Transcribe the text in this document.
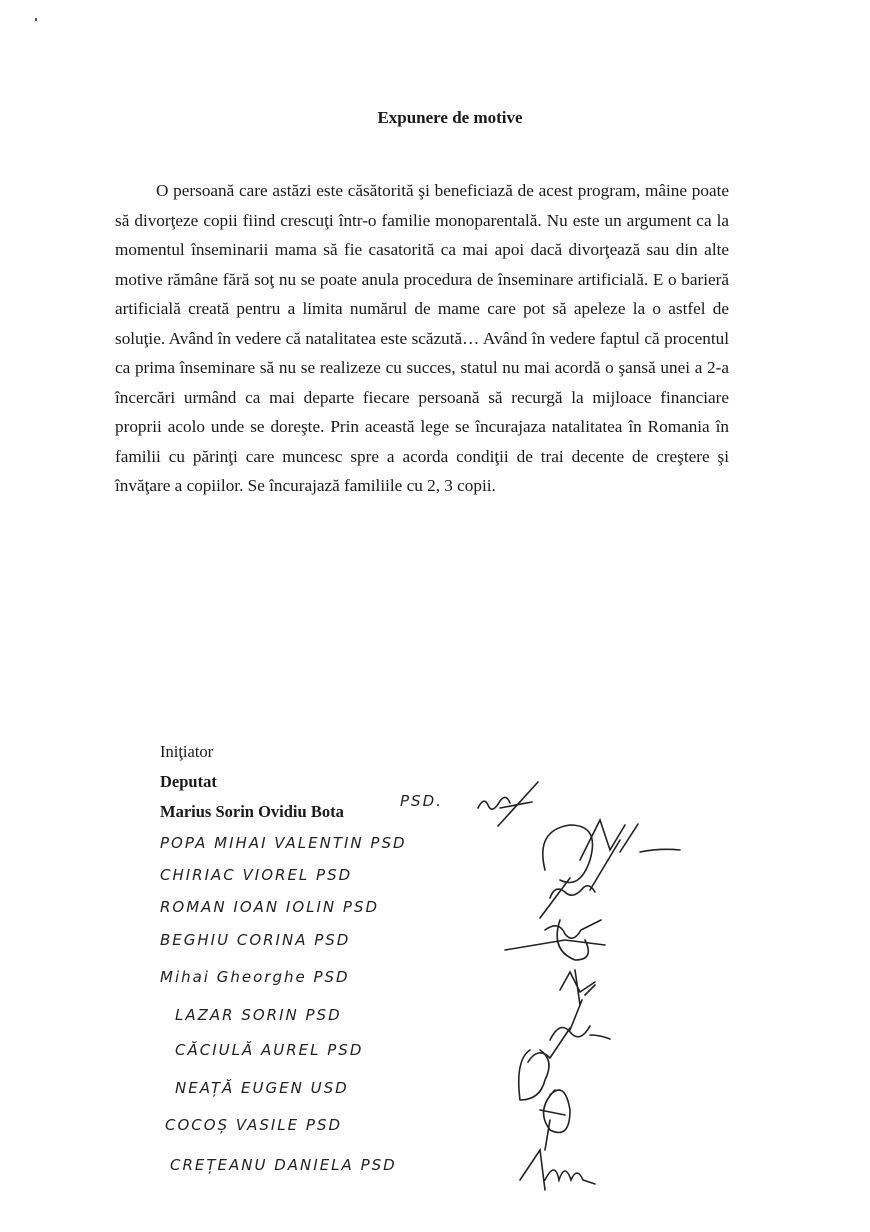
Expunere de motive

O persoană care astăzi este căsătorită şi beneficiază de acest program, mâine poate să divorţeze copii fiind crescuţi într-o familie monoparentală. Nu este un argument ca la momentul înseminarii mama să fie casatorită ca mai apoi dacă divorţează sau din alte motive rămâne fără soţ nu se poate anula procedura de înseminare artificială. E o barieră artificială creată pentru a limita numărul de mame care pot să apeleze la o astfel de soluţie. Având în vedere că natalitatea este scăzută… Având în vedere faptul că procentul ca prima înseminare să nu se realizeze cu succes, statul nu mai acordă o şansă unei a 2-a încercări urmând ca mai departe fiecare persoană să recurgă la mijloace financiare proprii acolo unde se doreşte. Prin această lege se încurajaza natalitatea în Romania în familii cu părinţi care muncesc spre a acorda condiţii de trai decente de creştere şi învăţare a copiilor. Se încurajază familiile cu 2, 3 copii.

Iniţiator
Deputat
Marius Sorin Ovidiu Bota
PSD.
POPA MIHAI VALENTIN PSD
CHIRIAC VIOREL PSD
ROMAN IOAN IOLIN PSD
BEGHIU CORINA PSD
Mihai Gheorghe PSD
LAZAR SORIN PSD
CĂCIULĂ AUREL PSD
NEAȚĂ EUGEN USD
COCOȘ VASILE PSD
CREȚEANU DANIELA PSD
